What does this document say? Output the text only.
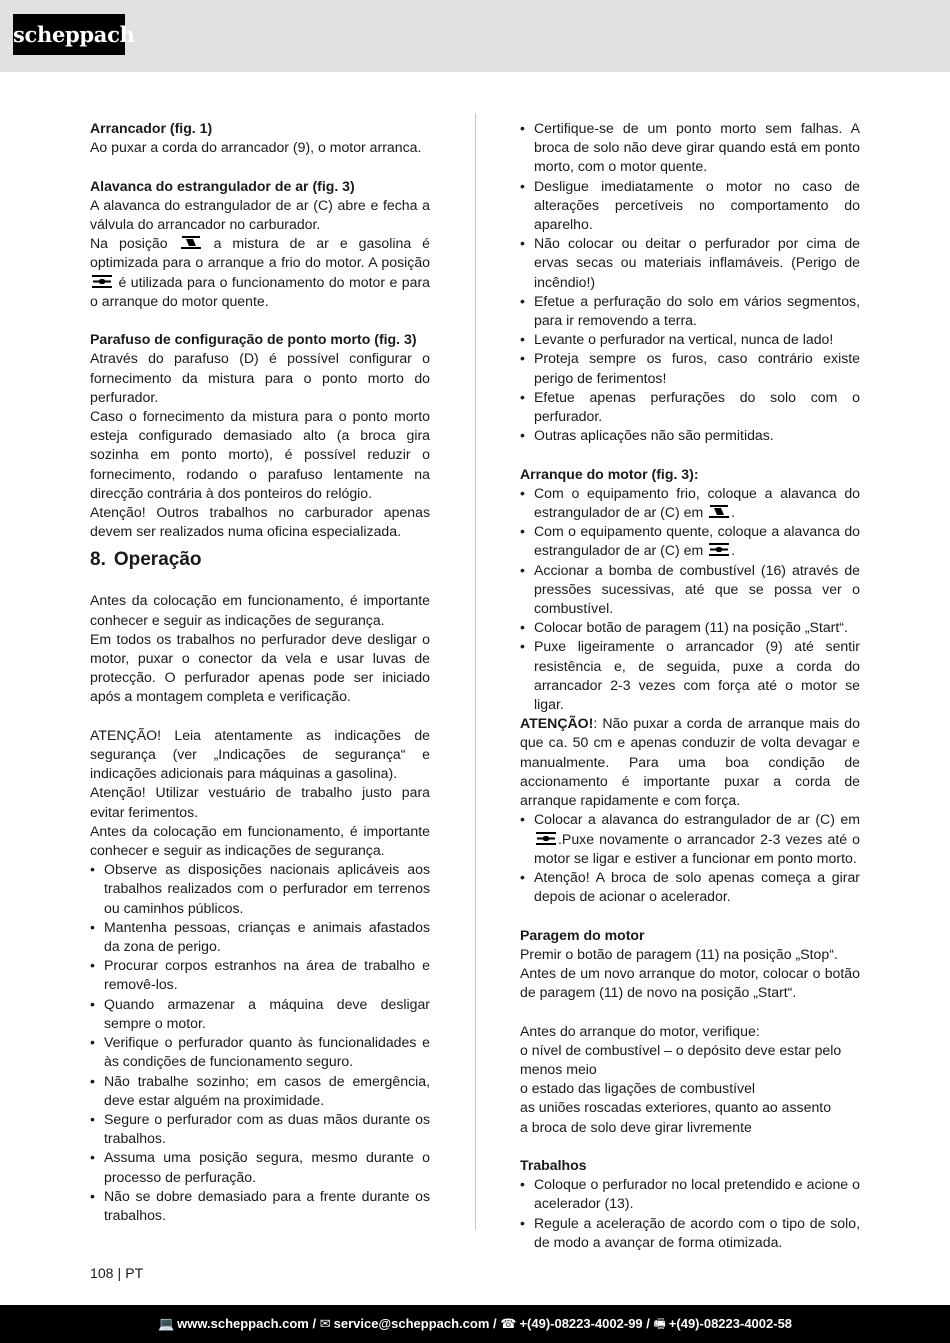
scheppach

Arrancador (fig. 1)

Ao puxar a corda do arrancador (9), o motor arranca.

Alavanca do estrangulador de ar (fig. 3)

A alavanca do estrangulador de ar (C) abre e fecha a válvula do arrancador no carburador.

Na posição	a mistura de ar e gasolina é optimizada para o arranque a frio do motor. A posição
é utilizada para o funcionamento do motor e para o arranque do motor quente.

Parafuso de configuração de ponto morto (fig. 3)

Através do parafuso (D) é possível configurar o fornecimento da mistura para o ponto morto do perfurador.

Caso o fornecimento da mistura para o ponto morto esteja configurado demasiado alto (a broca gira sozinha em ponto morto), é possível reduzir o fornecimento, rodando o parafuso lentamente na direcção contrária à dos ponteiros do relógio.

Atenção! Outros trabalhos no carburador apenas devem ser realizados numa oficina especializada.

8. Operação

Antes da colocação em funcionamento, é importante conhecer e seguir as indicações de segurança.

Em todos os trabalhos no perfurador deve desligar o motor, puxar o conector da vela e usar luvas de protecção. O perfurador apenas pode ser iniciado após a montagem completa e verificação.

ATENÇÃO! Leia atentamente as indicações de segurança (ver „Indicações de segurança“ e indicações adicionais para máquinas a gasolina).

Atenção! Utilizar vestuário de trabalho justo para evitar ferimentos.

Antes da colocação em funcionamento, é importante conhecer e seguir as indicações de segurança.

• Observe as disposições nacionais aplicáveis aos trabalhos realizados com o perfurador em terrenos ou caminhos públicos.
• Mantenha pessoas, crianças e animais afastados da zona de perigo.
• Procurar corpos estranhos na área de trabalho e removê-los.
• Quando armazenar a máquina deve desligar sempre o motor.
• Verifique o perfurador quanto às funcionalidades e às condições de funcionamento seguro.
• Não trabalhe sozinho; em casos de emergência, deve estar alguém na proximidade.
• Segure o perfurador com as duas mãos durante os trabalhos.
• Assuma uma posição segura, mesmo durante o processo de perfuração.
• Não se dobre demasiado para a frente durante os trabalhos.
• Certifique-se de um ponto morto sem falhas. A broca de solo não deve girar quando está em ponto morto, com o motor quente.
• Desligue imediatamente o motor no caso de alterações percetíveis no comportamento do aparelho.
• Não colocar ou deitar o perfurador por cima de ervas secas ou materiais inflamáveis. (Perigo de incêndio!)
• Efetue a perfuração do solo em vários segmentos, para ir removendo a terra.
• Levante o perfurador na vertical, nunca de lado!
• Proteja sempre os furos, caso contrário existe perigo de ferimentos!
• Efetue apenas perfurações do solo com o perfurador.
• Outras aplicações não são permitidas.

Arranque do motor (fig. 3):

• Com o equipamento frio, coloque a alavanca do estrangulador de ar (C) em .
• Com o equipamento quente, coloque a alavanca do estrangulador de ar (C) em .
• Accionar a bomba de combustível (16) através de pressões sucessivas, até que se possa ver o combustível.
• Colocar botão de paragem (11) na posição „Start“.
• Puxe ligeiramente o arrancador (9) até sentir resistência e, de seguida, puxe a corda do arrancador 2-3 vezes com força até o motor se ligar.

ATENÇÃO!: Não puxar a corda de arranque mais do que ca. 50 cm e apenas conduzir de volta devagar e manualmente. Para uma boa condição de accionamento é importante puxar a corda de arranque rapidamente e com força.

• Colocar a alavanca do estrangulador de ar (C) em
.Puxe novamente o arrancador 2-3 vezes até o motor se ligar e estiver a funcionar em ponto morto.
• Atenção! A broca de solo apenas começa a girar depois de acionar o acelerador.

Paragem do motor

Premir o botão de paragem (11) na posição „Stop“.

Antes de um novo arranque do motor, colocar o botão de paragem (11) de novo na posição „Start“.

Antes do arranque do motor, verifique:

o nível de combustível – o depósito deve estar pelo menos meio

o estado das ligações de combustível

as uniões roscadas exteriores, quanto ao assento

a broca de solo deve girar livremente

Trabalhos

• Coloque o perfurador no local pretendido e acione o acelerador (13).
• Regule a aceleração de acordo com o tipo de solo, de modo a avançar de forma otimizada.
108 | PT
💻 www.scheppach.com / ✉ service@scheppach.com / ☎ +(49)-08223-4002-99 / 🖷 +(49)-08223-4002-58
